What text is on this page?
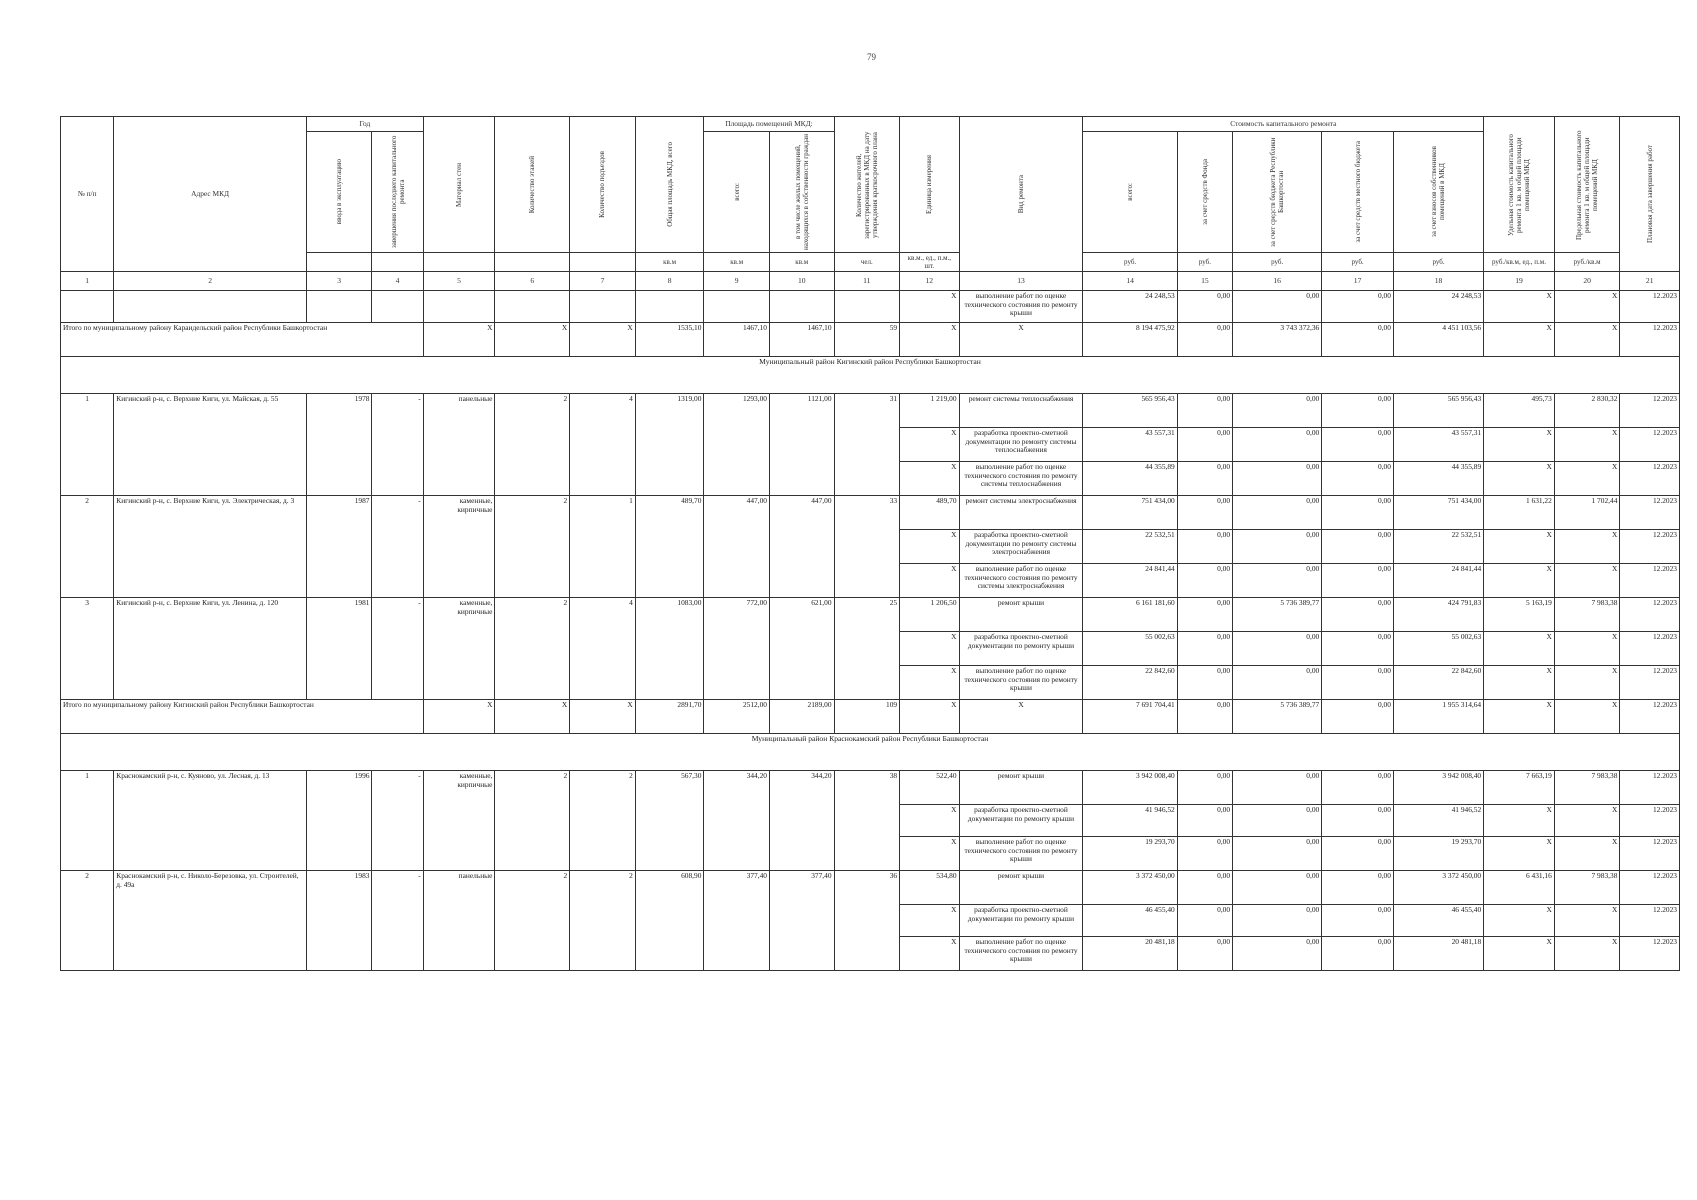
79
№ п/п	Адрес МКД	Год		Материал стен	Количество этажей	Количество подъездов	Общая площадь МКД, всего	Площадь помещений МКД:		Количество жителей, зарегистрированных в МКД на дату утверждения краткосрочного плана	Единица измерения	Вид ремонта	Стоимость капитального ремонта					Удельная стоимость капитального ремонта 1 кв. м общей площади помещений МКД	Предельная стоимость капитального ремонта 1 кв. м общей площади помещений МКД	Плановая дата завершения работ

		ввода в эксплуатацию	завершения последнего капитального ремонта					всего:	в том числе жилых помещений, находящихся в собственности граждан				всего:	за счет средств Фонда	за счет средств бюджета Республики Башкортостан	за счет средств местного бюджета	за счет взносов собственников помещений в МКД			

							кв.м	кв.м	кв.м	чел.	кв.м., ед., п.м., шт.		руб.	руб.	руб.	руб.	руб.	руб./кв.м, ед., п.м.	руб./кв.м	
1	2	3	4	5	6	7	8	9	10	11	12	13	14	15	16	17	18	19	20	21
											X	выполнение работ по оценке технического состояния по ремонту крыши	24 248,53	0,00	0,00	0,00	24 248,53	X	X	12.2023
Итого по муниципальному району Караидельский район Республики Башкортостан				X	X	X	1535,10	1467,10	1467,10	59	X	X	8 194 475,92	0,00	3 743 372,36	0,00	4 451 103,56	X	X	12.2023
Муниципальный район Кигинский район Республики Башкортостан																				
1	Кигинский р-н, с. Верхние Киги, ул. Майская, д. 55	1978	-	панельные	2	4	1319,00	1293,00	1121,00	31	1 219,00	ремонт системы теплоснабжения	565 956,43	0,00	0,00	0,00	565 956,43	495,73	2 830,32	12.2023
											X	разработка проектно-сметной документации по ремонту системы теплоснабжения	43 557,31	0,00	0,00	0,00	43 557,31	X	X	12.2023
											X	выполнение работ по оценке технического состояния по ремонту системы теплоснабжения	44 355,89	0,00	0,00	0,00	44 355,89	X	X	12.2023
2	Кигинский р-н, с. Верхние Киги, ул. Электрическая, д. 3	1987	-	каменные, кирпичные	2	1	489,70	447,00	447,00	33	489,70	ремонт системы электроснабжения	751 434,00	0,00	0,00	0,00	751 434,00	1 631,22	1 702,44	12.2023
											X	разработка проектно-сметной документации по ремонту системы электроснабжения	22 532,51	0,00	0,00	0,00	22 532,51	X	X	12.2023
											X	выполнение работ по оценке технического состояния по ремонту системы электроснабжения	24 841,44	0,00	0,00	0,00	24 841,44	X	X	12.2023
3	Кигинский р-н, с. Верхние Киги, ул. Ленина, д. 120	1981	-	каменные, кирпичные	2	4	1083,00	772,00	621,00	25	1 206,50	ремонт крыши	6 161 181,60	0,00	5 736 389,77	0,00	424 791,83	5 163,19	7 983,38	12.2023
											X	разработка проектно-сметной документации по ремонту крыши	55 002,63	0,00	0,00	0,00	55 002,63	X	X	12.2023
											X	выполнение работ по оценке технического состояния по ремонту крыши	22 842,60	0,00	0,00	0,00	22 842,60	X	X	12.2023
Итого по муниципальному району Кигинский район Республики Башкортостан				X	X	X	2891,70	2512,00	2189,00	109	X	X	7 691 704,41	0,00	5 736 389,77	0,00	1 955 314,64	X	X	12.2023
Муниципальный район Краснокамский район Республики Башкортостан																				
1	Краснокамский р-н, с. Куяново, ул. Лесная, д. 13	1996	-	каменные, кирпичные	2	2	567,30	344,20	344,20	38	522,40	ремонт крыши	3 942 008,40	0,00	0,00	0,00	3 942 008,40	7 663,19	7 983,38	12.2023
											X	разработка проектно-сметной документации по ремонту крыши	41 946,52	0,00	0,00	0,00	41 946,52	X	X	12.2023
											X	выполнение работ по оценке технического состояния по ремонту крыши	19 293,70	0,00	0,00	0,00	19 293,70	X	X	12.2023
2	Краснокамский р-н, с. Николо-Березовка, ул. Строителей, д. 49а	1983	-	панельные	2	2	608,90	377,40	377,40	36	534,80	ремонт крыши	3 372 450,00	0,00	0,00	0,00	3 372 450,00	6 431,16	7 983,38	12.2023
											X	разработка проектно-сметной документации по ремонту крыши	46 455,40	0,00	0,00	0,00	46 455,40	X	X	12.2023
											X	выполнение работ по оценке технического состояния по ремонту крыши	20 481,18	0,00	0,00	0,00	20 481,18	X	X	12.2023
